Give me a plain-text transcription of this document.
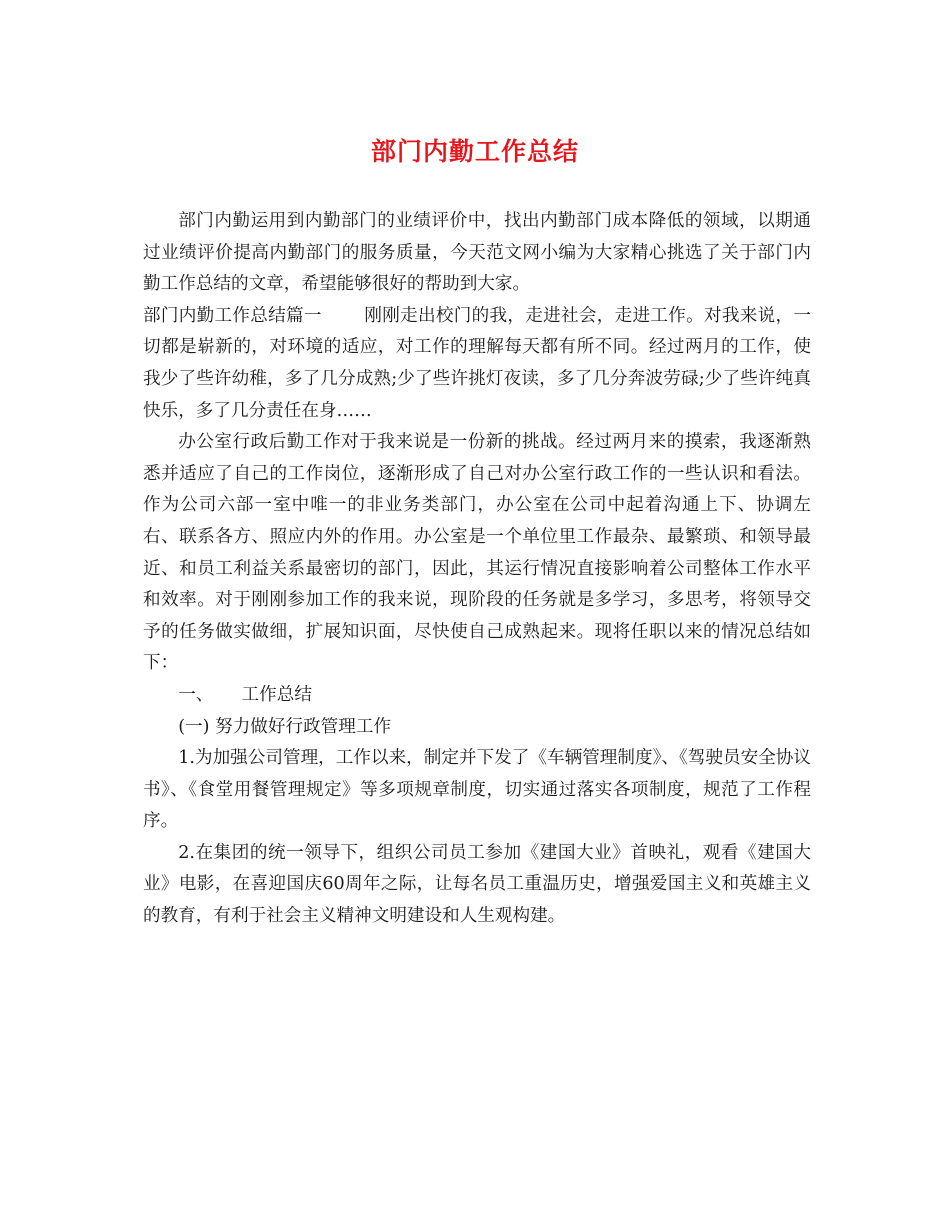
部门内勤工作总结

部门内勤运用到内勤部门的业绩评价中，找出内勤部门成本降低的领域，以期通过业绩评价提高内勤部门的服务质量，今天范文网小编为大家精心挑选了关于部门内勤工作总结的文章，希望能够很好的帮助到大家。

部门内勤工作总结篇一 刚刚走出校门的我，走进社会，走进工作。对我来说，一切都是崭新的，对环境的适应，对工作的理解每天都有所不同。经过两月的工作，使我少了些许幼稚，多了几分成熟;少了些许挑灯夜读，多了几分奔波劳碌;少了些许纯真快乐，多了几分责任在身……

办公室行政后勤工作对于我来说是一份新的挑战。经过两月来的摸索，我逐渐熟悉并适应了自己的工作岗位，逐渐形成了自己对办公室行政工作的一些认识和看法。作为公司六部一室中唯一的非业务类部门，办公室在公司中起着沟通上下、协调左右、联系各方、照应内外的作用。办公室是一个单位里工作最杂、最繁琐、和领导最近、和员工利益关系最密切的部门，因此，其运行情况直接影响着公司整体工作水平和效率。对于刚刚参加工作的我来说，现阶段的任务就是多学习，多思考，将领导交予的任务做实做细，扩展知识面，尽快使自己成熟起来。现将任职以来的情况总结如下：

一、 工作总结

(一) 努力做好行政管理工作

1.为加强公司管理，工作以来，制定并下发了《车辆管理制度》、《驾驶员安全协议书》、《食堂用餐管理规定》等多项规章制度，切实通过落实各项制度，规范了工作程序。

2.在集团的统一领导下，组织公司员工参加《建国大业》首映礼，观看《建国大业》电影，在喜迎国庆60周年之际，让每名员工重温历史，增强爱国主义和英雄主义的教育，有利于社会主义精神文明建设和人生观构建。
